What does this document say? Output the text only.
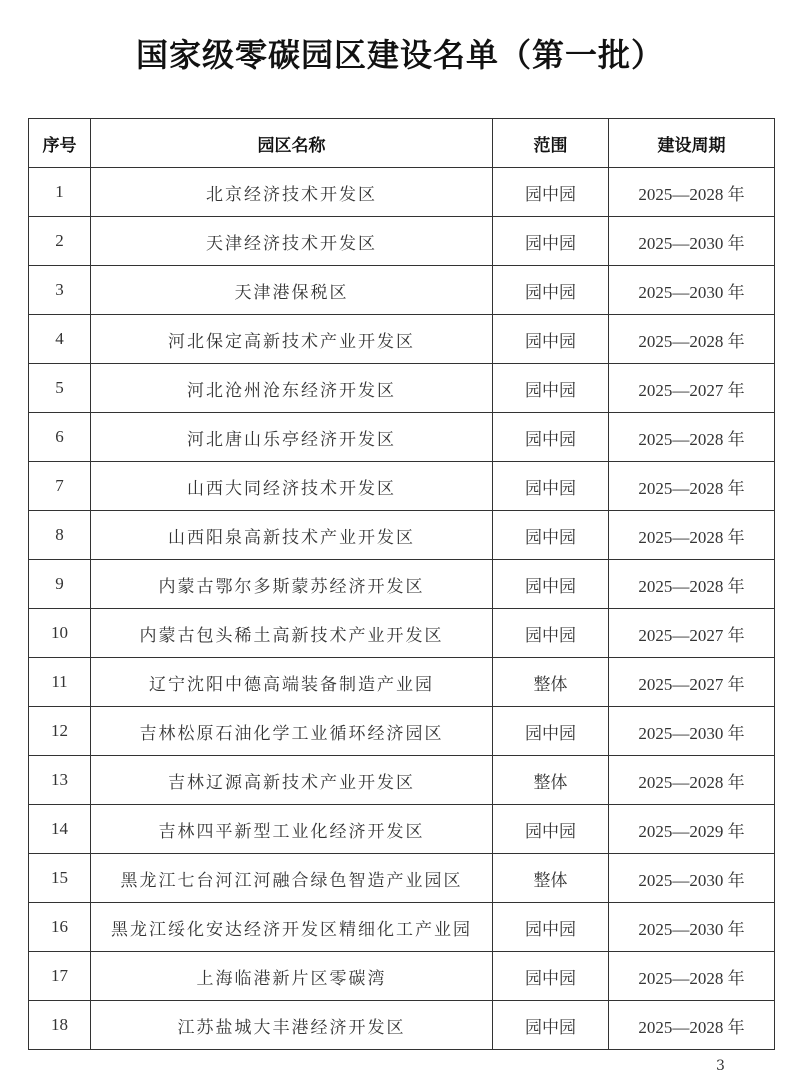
国家级零碳园区建设名单（第一批）
序号	园区名称	范围	建设周期
1	北京经济技术开发区	园中园	2025—2028 年
2	天津经济技术开发区	园中园	2025—2030 年
3	天津港保税区	园中园	2025—2030 年
4	河北保定高新技术产业开发区	园中园	2025—2028 年
5	河北沧州沧东经济开发区	园中园	2025—2027 年
6	河北唐山乐亭经济开发区	园中园	2025—2028 年
7	山西大同经济技术开发区	园中园	2025—2028 年
8	山西阳泉高新技术产业开发区	园中园	2025—2028 年
9	内蒙古鄂尔多斯蒙苏经济开发区	园中园	2025—2028 年
10	内蒙古包头稀土高新技术产业开发区	园中园	2025—2027 年
11	辽宁沈阳中德高端装备制造产业园	整体	2025—2027 年
12	吉林松原石油化学工业循环经济园区	园中园	2025—2030 年
13	吉林辽源高新技术产业开发区	整体	2025—2028 年
14	吉林四平新型工业化经济开发区	园中园	2025—2029 年
15	黑龙江七台河江河融合绿色智造产业园区	整体	2025—2030 年
16	黑龙江绥化安达经济开发区精细化工产业园	园中园	2025—2030 年
17	上海临港新片区零碳湾	园中园	2025—2028 年
18	江苏盐城大丰港经济开发区	园中园	2025—2028 年
3
